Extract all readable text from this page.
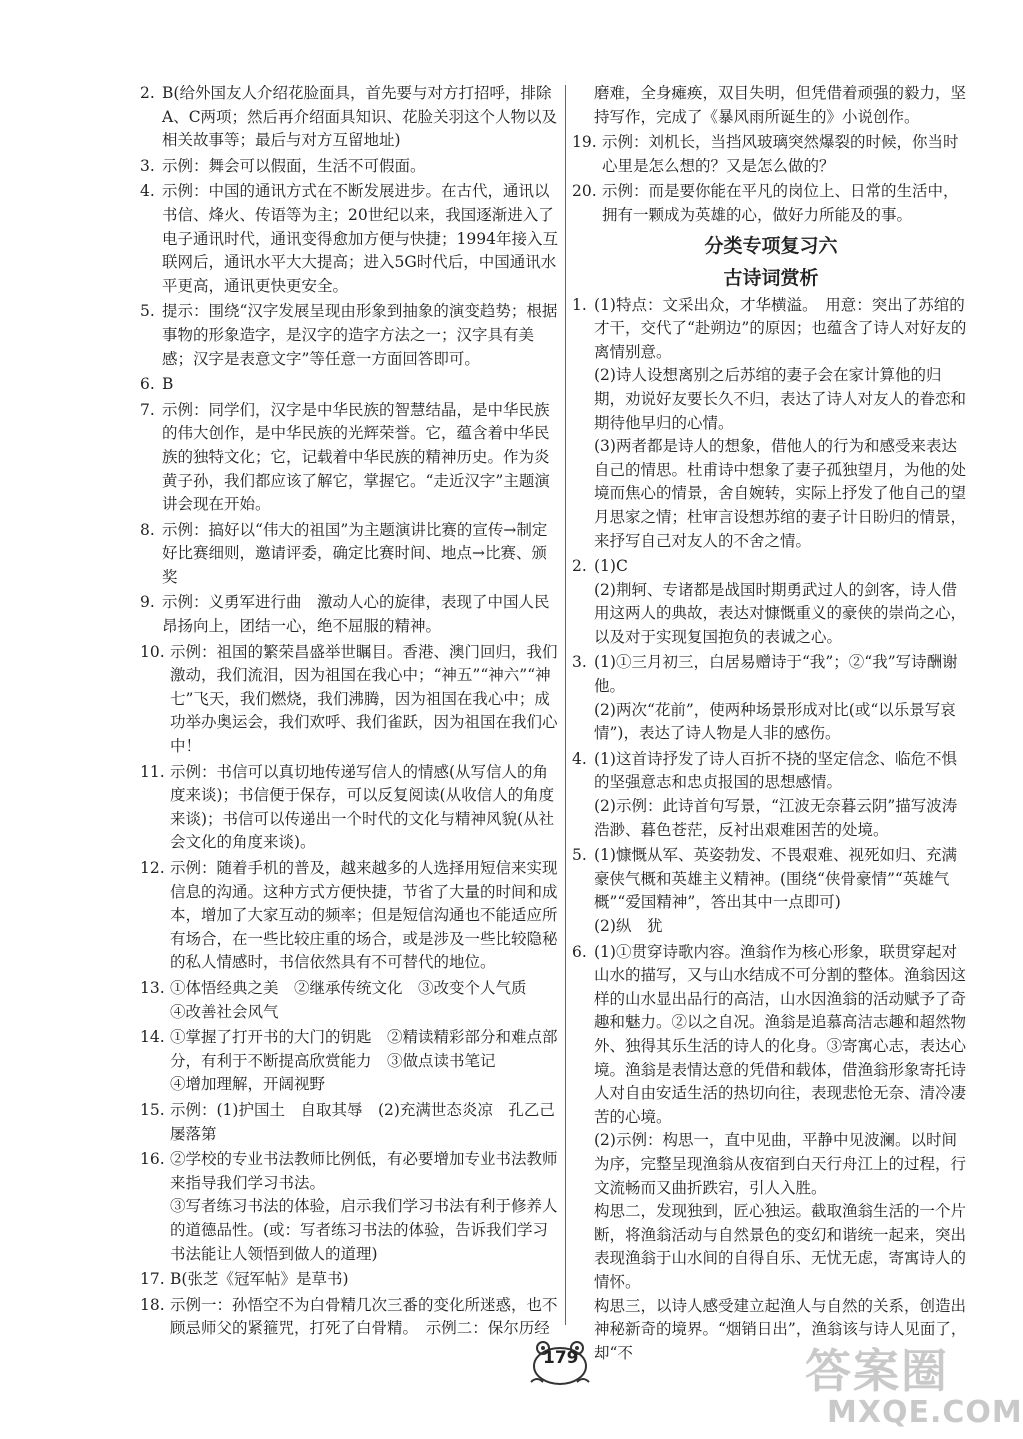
2. B(给外国友人介绍花脸面具，首先要与对方打招呼，排除A、C两项；然后再介绍面具知识、花脸关羽这个人物以及相关故事等；最后与对方互留地址)
3. 示例：舞会可以假面，生活不可假面。
4. 示例：中国的通讯方式在不断发展进步。在古代，通讯以书信、烽火、传语等为主；20世纪以来，我国逐渐进入了电子通讯时代，通讯变得愈加方便与快捷；1994年接入互联网后，通讯水平大大提高；进入5G时代后，中国通讯水平更高，通讯更快更安全。
5. 提示：围绕“汉字发展呈现由形象到抽象的演变趋势；根据事物的形象造字，是汉字的造字方法之一；汉字具有美感；汉字是表意文字”等任意一方面回答即可。
6. B
7. 示例：同学们，汉字是中华民族的智慧结晶，是中华民族的伟大创作，是中华民族的光辉荣誉。它，蕴含着中华民族的独特文化；它，记载着中华民族的精神历史。作为炎黄子孙，我们都应该了解它，掌握它。“走近汉字”主题演讲会现在开始。
8. 示例：搞好以“伟大的祖国”为主题演讲比赛的宣传→制定好比赛细则，邀请评委，确定比赛时间、地点→比赛、颁奖
9. 示例：义勇军进行曲　激动人心的旋律，表现了中国人民昂扬向上，团结一心，绝不屈服的精神。
10. 示例：祖国的繁荣昌盛举世瞩目。香港、澳门回归，我们激动，我们流泪，因为祖国在我心中；“神五”“神六”“神七”飞天，我们燃烧，我们沸腾，因为祖国在我心中；成功举办奥运会，我们欢呼、我们雀跃，因为祖国在我们心中！
11. 示例：书信可以真切地传递写信人的情感(从写信人的角度来谈)；书信便于保存，可以反复阅读(从收信人的角度来谈)；书信可以传递出一个时代的文化与精神风貌(从社会文化的角度来谈)。
12. 示例：随着手机的普及，越来越多的人选择用短信来实现信息的沟通。这种方式方便快捷，节省了大量的时间和成本，增加了大家互动的频率；但是短信沟通也不能适应所有场合，在一些比较庄重的场合，或是涉及一些比较隐秘的私人情感时，书信依然具有不可替代的地位。
13. ①体悟经典之美　②继承传统文化　③改变个人气质
④改善社会风气
14. ①掌握了打开书的大门的钥匙　②精读精彩部分和难点部分，有利于不断提高欣赏能力　③做点读书笔记
④增加理解，开阔视野
15. 示例：(1)护国土　自取其辱　(2)充满世态炎凉　孔乙己屡落第
16. ②学校的专业书法教师比例低，有必要增加专业书法教师来指导我们学习书法。
③写者练习书法的体验，启示我们学习书法有利于修养人的道德品性。(或：写者练习书法的体验，告诉我们学习书法能让人领悟到做人的道理)
17. B(张芝《冠军帖》是草书)
18. 示例一：孙悟空不为白骨精几次三番的变化所迷惑，也不顾忌师父的紧箍咒，打死了白骨精。　示例二：保尔历经
磨难，全身瘫痪，双目失明，但凭借着顽强的毅力，坚持写作，完成了《暴风雨所诞生的》小说创作。
19. 示例：刘机长，当挡风玻璃突然爆裂的时候，你当时心里是怎么想的？又是怎么做的？
20. 示例：而是要你能在平凡的岗位上、日常的生活中，拥有一颗成为英雄的心，做好力所能及的事。
分类专项复习六
古诗词赏析
1. (1)特点：文采出众，才华横溢。　用意：突出了苏绾的才干，交代了“赴朔边”的原因；也蕴含了诗人对好友的离情别意。
(2)诗人设想离别之后苏绾的妻子会在家计算他的归期，劝说好友要长久不归，表达了诗人对友人的眷恋和期待他早归的心情。
(3)两者都是诗人的想象，借他人的行为和感受来表达自己的情思。杜甫诗中想象了妻子孤独望月，为他的处境而焦心的情景，舍自婉转，实际上抒发了他自己的望月思家之情；杜审言设想苏绾的妻子计日盼归的情景，来抒写自己对友人的不舍之情。
2. (1)C
(2)荆轲、专诸都是战国时期勇武过人的剑客，诗人借用这两人的典故，表达对慷慨重义的豪侠的崇尚之心，以及对于实现复国抱负的表诚之心。
3. (1)①三月初三，白居易赠诗于“我”；②“我”写诗酬谢他。
(2)两次“花前”，使两种场景形成对比(或“以乐景写哀情”)，表达了诗人物是人非的感伤。
4. (1)这首诗抒发了诗人百折不挠的坚定信念、临危不惧的坚强意志和忠贞报国的思想感情。
(2)示例：此诗首句写景，“江波无奈暮云阴”描写波涛浩渺、暮色苍茫，反衬出艰难困苦的处境。
5. (1)慷慨从军、英姿勃发、不畏艰难、视死如归、充满豪侠气概和英雄主义精神。(围绕“侠骨豪情”“英雄气概”“爱国精神”，答出其中一点即可)
(2)纵　犹
6. (1)①贯穿诗歌内容。渔翁作为核心形象，联贯穿起对山水的描写，又与山水结成不可分割的整体。渔翁因这样的山水显出品行的高洁，山水因渔翁的活动赋予了奇趣和魅力。②以之自况。渔翁是追慕高洁志趣和超然物外、独得其乐生活的诗人的化身。③寄寓心志，表达心境。渔翁是表情达意的凭借和载体，借渔翁形象寄托诗人对自由安适生活的热切向往，表现悲怆无奈、清冷凄苦的心境。
(2)示例：构思一，直中见曲，平静中见波澜。以时间为序，完整呈现渔翁从夜宿到白天行舟江上的过程，行文流畅而又曲折跌宕，引人入胜。
构思二，发现独到，匠心独运。截取渔翁生活的一个片断，将渔翁活动与自然景色的变幻和谐统一起来，突出表现渔翁于山水间的自得自乐、无忧无虑，寄寓诗人的情怀。
构思三，以诗人感受建立起渔人与自然的关系，创造出神秘新奇的境界。“烟销日出”，渔翁该与诗人见面了，却“不
179	答案圈
MXQE.COM
